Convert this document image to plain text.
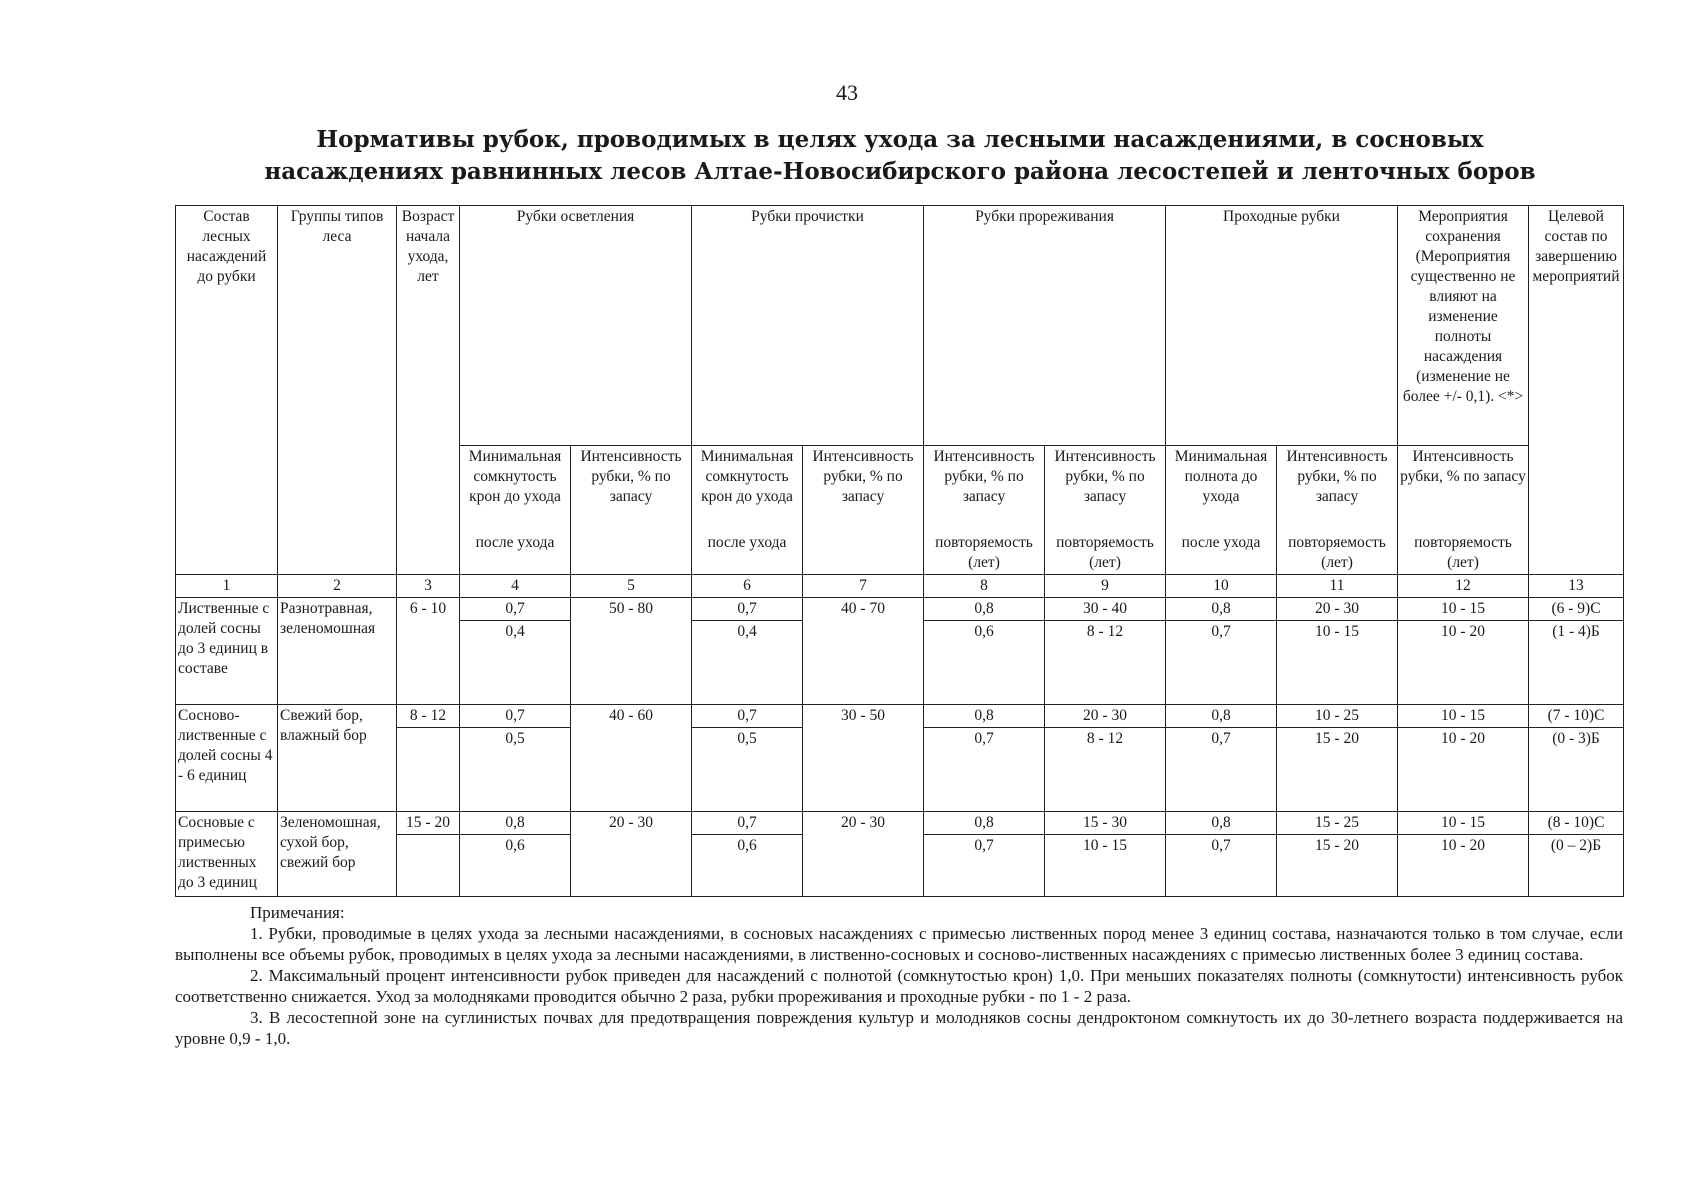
43
Нормативы рубок, проводимых в целях ухода за лесными насаждениями, в сосновых насаждениях равнинных лесов Алтае-Новосибирского района лесостепей и ленточных боров
Состав лесных насаждений до рубки	Группы типов леса	Возраст начала ухода, лет	Рубки осветления		Рубки прочистки		Рубки прореживания		Проходные рубки		Мероприятия сохранения (Мероприятия существенно не влияют на изменение полноты насаждения (изменение не более +/- 0,1). <*>	Целевой состав по завершению мероприятий
			Минимальная сомкнутость крон до ухода	Интенсивность рубки, % по запасу	Минимальная сомкнутость крон до ухода	Интенсивность рубки, % по запасу	Интенсивность рубки, % по запасу	Интенсивность рубки, % по запасу	Минимальная полнота до ухода	Интенсивность рубки, % по запасу	Интенсивность рубки, % по запасу	
			после ухода		после ухода		повторяемость (лет)	повторяемость (лет)	после ухода	повторяемость (лет)	повторяемость (лет)	
1	2	3	4	5	6	7	8	9	10	11	12	13
Лиственные с долей сосны до 3 единиц в составе	Разнотравная, зеленомошная	6 - 10	0,7	50 - 80	0,7	40 - 70	0,8	30 - 40	0,8	20 - 30	10 - 15	(6 - 9)С
			0,4		0,4		0,6	8 - 12	0,7	10 - 15	10 - 20	(1 - 4)Б
Сосново-лиственные с долей сосны 4 - 6 единиц	Свежий бор, влажный бор	8 - 12	0,7	40 - 60	0,7	30 - 50	0,8	20 - 30	0,8	10 - 25	10 - 15	(7 - 10)С
			0,5		0,5		0,7	8 - 12	0,7	15 - 20	10 - 20	(0 - 3)Б
Сосновые с примесью лиственных до 3 единиц	Зеленомошная, сухой бор, свежий бор	15 - 20	0,8	20 - 30	0,7	20 - 30	0,8	15 - 30	0,8	15 - 25	10 - 15	(8 - 10)С
			0,6		0,6		0,7	10 - 15	0,7	15 - 20	10 - 20	(0 – 2)Б
Примечания:

1. Рубки, проводимые в целях ухода за лесными насаждениями, в сосновых насаждениях с примесью лиственных пород менее 3 единиц состава, назначаются только в том случае, если выполнены все объемы рубок, проводимых в целях ухода за лесными насаждениями, в лиственно-сосновых и сосново-лиственных насаждениях с примесью лиственных более 3 единиц состава.

2. Максимальный процент интенсивности рубок приведен для насаждений с полнотой (сомкнутостью крон) 1,0. При меньших показателях полноты (сомкнутости) интенсивность рубок соответственно снижается. Уход за молодняками проводится обычно 2 раза, рубки прореживания и проходные рубки - по 1 - 2 раза.

3. В лесостепной зоне на суглинистых почвах для предотвращения повреждения культур и молодняков сосны дендроктоном сомкнутость их до 30-летнего возраста поддерживается на уровне 0,9 - 1,0.
